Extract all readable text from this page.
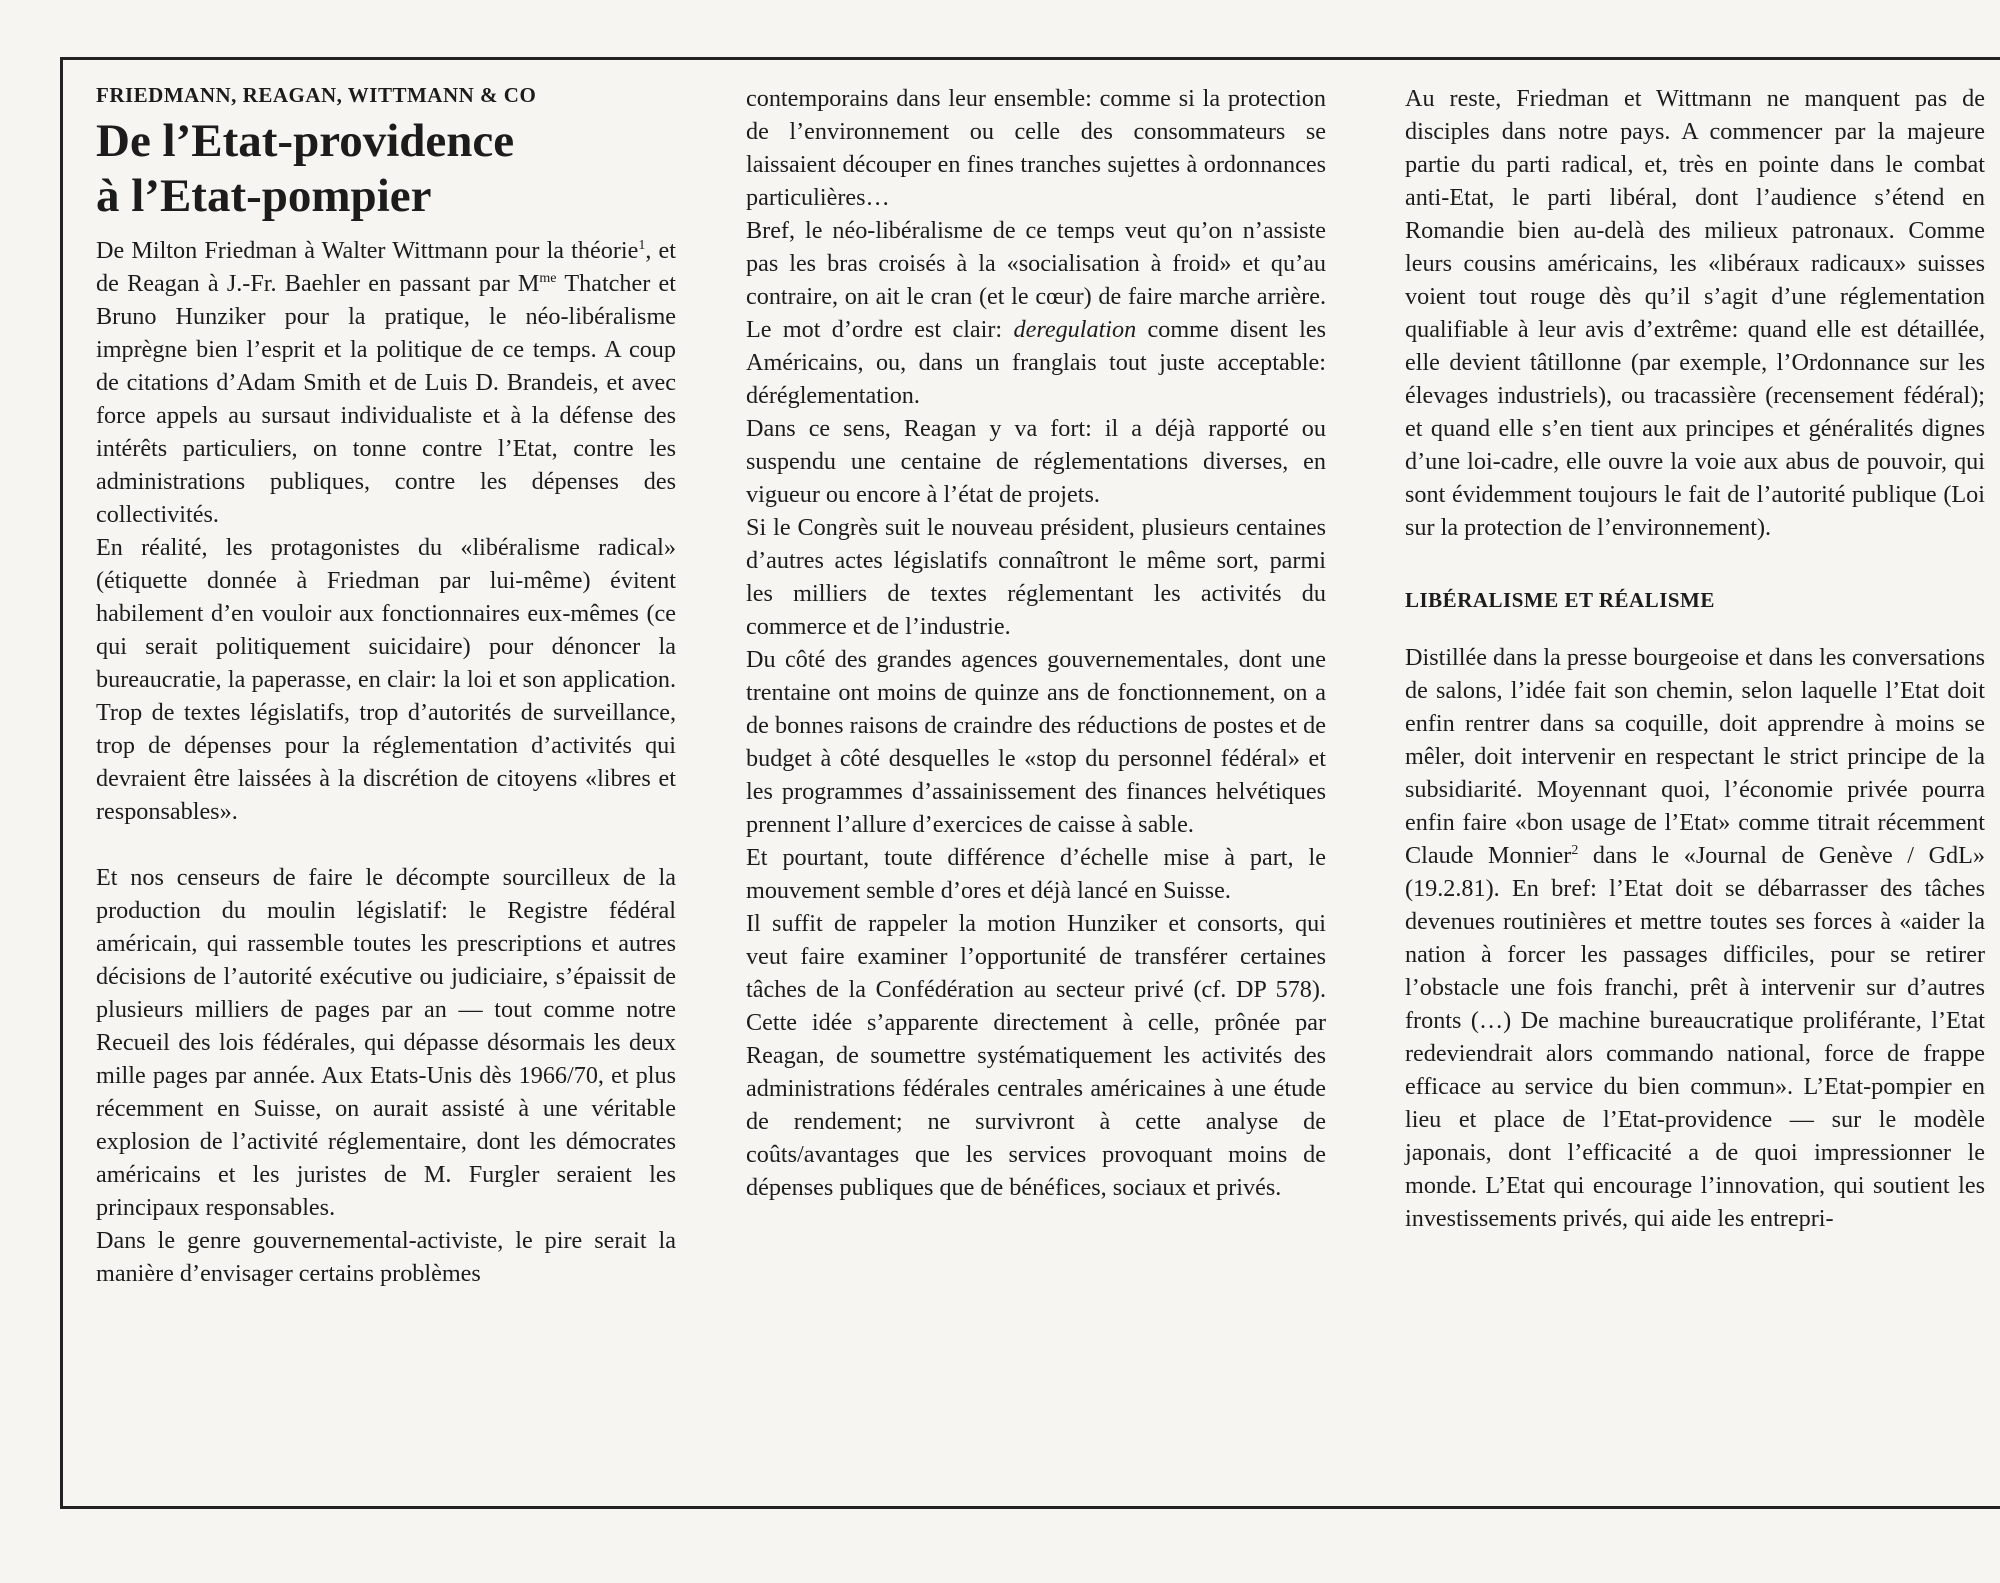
FRIEDMANN, REAGAN, WITTMANN & CO

De l’Etat-providence
à l’Etat-pompier

De Milton Friedman à Walter Wittmann pour la théorie$^1$, et de Reagan à J.-Fr. Baehler en passant par $M^{me}$ Thatcher et Bruno Hunziker pour la pratique, le néo-libéralisme imprègne bien l’esprit et la politique de ce temps. A coup de citations d’Adam Smith et de Luis D. Brandeis, et avec force appels au sursaut individualiste et à la défense des intérêts particuliers, on tonne contre l’Etat, contre les administrations publiques, contre les dépenses des collectivités.

En réalité, les protagonistes du «libéralisme radical» (étiquette donnée à Friedman par lui-même) évitent habilement d’en vouloir aux fonctionnaires eux-mêmes (ce qui serait politiquement suicidaire) pour dénoncer la bureaucratie, la paperasse, en clair: la loi et son application. Trop de textes législatifs, trop d’autorités de surveillance, trop de dépenses pour la réglementation d’activités qui devraient être laissées à la discrétion de citoyens «libres et responsables».

Et nos censeurs de faire le décompte sourcilleux de la production du moulin législatif: le Registre fédéral américain, qui rassemble toutes les prescriptions et autres décisions de l’autorité exécutive ou judiciaire, s’épaissit de plusieurs milliers de pages par an — tout comme notre Recueil des lois fédérales, qui dépasse désormais les deux mille pages par année. Aux Etats-Unis dès 1966/70, et plus récemment en Suisse, on aurait assisté à une véritable explosion de l’activité réglementaire, dont les démocrates américains et les juristes de M. Furgler seraient les principaux responsables.

Dans le genre gouvernemental-activiste, le pire serait la manière d’envisager certains problèmes

contemporains dans leur ensemble: comme si la protection de l’environnement ou celle des consommateurs se laissaient découper en fines tranches sujettes à ordonnances particulières…

Bref, le néo-libéralisme de ce temps veut qu’on n’assiste pas les bras croisés à la «socialisation à froid» et qu’au contraire, on ait le cran (et le cœur) de faire marche arrière. Le mot d’ordre est clair: deregulation comme disent les Américains, ou, dans un franglais tout juste acceptable: déréglementation.

Dans ce sens, Reagan y va fort: il a déjà rapporté ou suspendu une centaine de réglementations diverses, en vigueur ou encore à l’état de projets.

Si le Congrès suit le nouveau président, plusieurs centaines d’autres actes législatifs connaîtront le même sort, parmi les milliers de textes réglementant les activités du commerce et de l’industrie.

Du côté des grandes agences gouvernementales, dont une trentaine ont moins de quinze ans de fonctionnement, on a de bonnes raisons de craindre des réductions de postes et de budget à côté desquelles le «stop du personnel fédéral» et les programmes d’assainissement des finances helvétiques prennent l’allure d’exercices de caisse à sable.

Et pourtant, toute différence d’échelle mise à part, le mouvement semble d’ores et déjà lancé en Suisse.

Il suffit de rappeler la motion Hunziker et consorts, qui veut faire examiner l’opportunité de transférer certaines tâches de la Confédération au secteur privé (cf. DP 578). Cette idée s’apparente directement à celle, prônée par Reagan, de soumettre systématiquement les activités des administrations fédérales centrales américaines à une étude de rendement; ne survivront à cette analyse de coûts/avantages que les services provoquant moins de dépenses publiques que de bénéfices, sociaux et privés.

Au reste, Friedman et Wittmann ne manquent pas de disciples dans notre pays. A commencer par la majeure partie du parti radical, et, très en pointe dans le combat anti-Etat, le parti libéral, dont l’audience s’étend en Romandie bien au-delà des milieux patronaux. Comme leurs cousins américains, les «libéraux radicaux» suisses voient tout rouge dès qu’il s’agit d’une réglementation qualifiable à leur avis d’extrême: quand elle est détaillée, elle devient tâtillonne (par exemple, l’Ordonnance sur les élevages industriels), ou tracassière (recensement fédéral); et quand elle s’en tient aux principes et généralités dignes d’une loi-cadre, elle ouvre la voie aux abus de pouvoir, qui sont évidemment toujours le fait de l’autorité publique (Loi sur la protection de l’environnement).

LIBÉRALISME ET RÉALISME

Distillée dans la presse bourgeoise et dans les conversations de salons, l’idée fait son chemin, selon laquelle l’Etat doit enfin rentrer dans sa coquille, doit apprendre à moins se mêler, doit intervenir en respectant le strict principe de la subsidiarité. Moyennant quoi, l’économie privée pourra enfin faire «bon usage de l’Etat» comme titrait récemment Claude Monnier$^2$ dans le «Journal de Genève / GdL» (19.2.81). En bref: l’Etat doit se débarrasser des tâches devenues routinières et mettre toutes ses forces à «aider la nation à forcer les passages difficiles, pour se retirer l’obstacle une fois franchi, prêt à intervenir sur d’autres fronts (…) De machine bureaucratique proliférante, l’Etat redeviendrait alors commando national, force de frappe efficace au service du bien commun». L’Etat-pompier en lieu et place de l’Etat-providence — sur le modèle japonais, dont l’efficacité a de quoi impressionner le monde. L’Etat qui encourage l’innovation, qui soutient les investissements privés, qui aide les entrepri-
